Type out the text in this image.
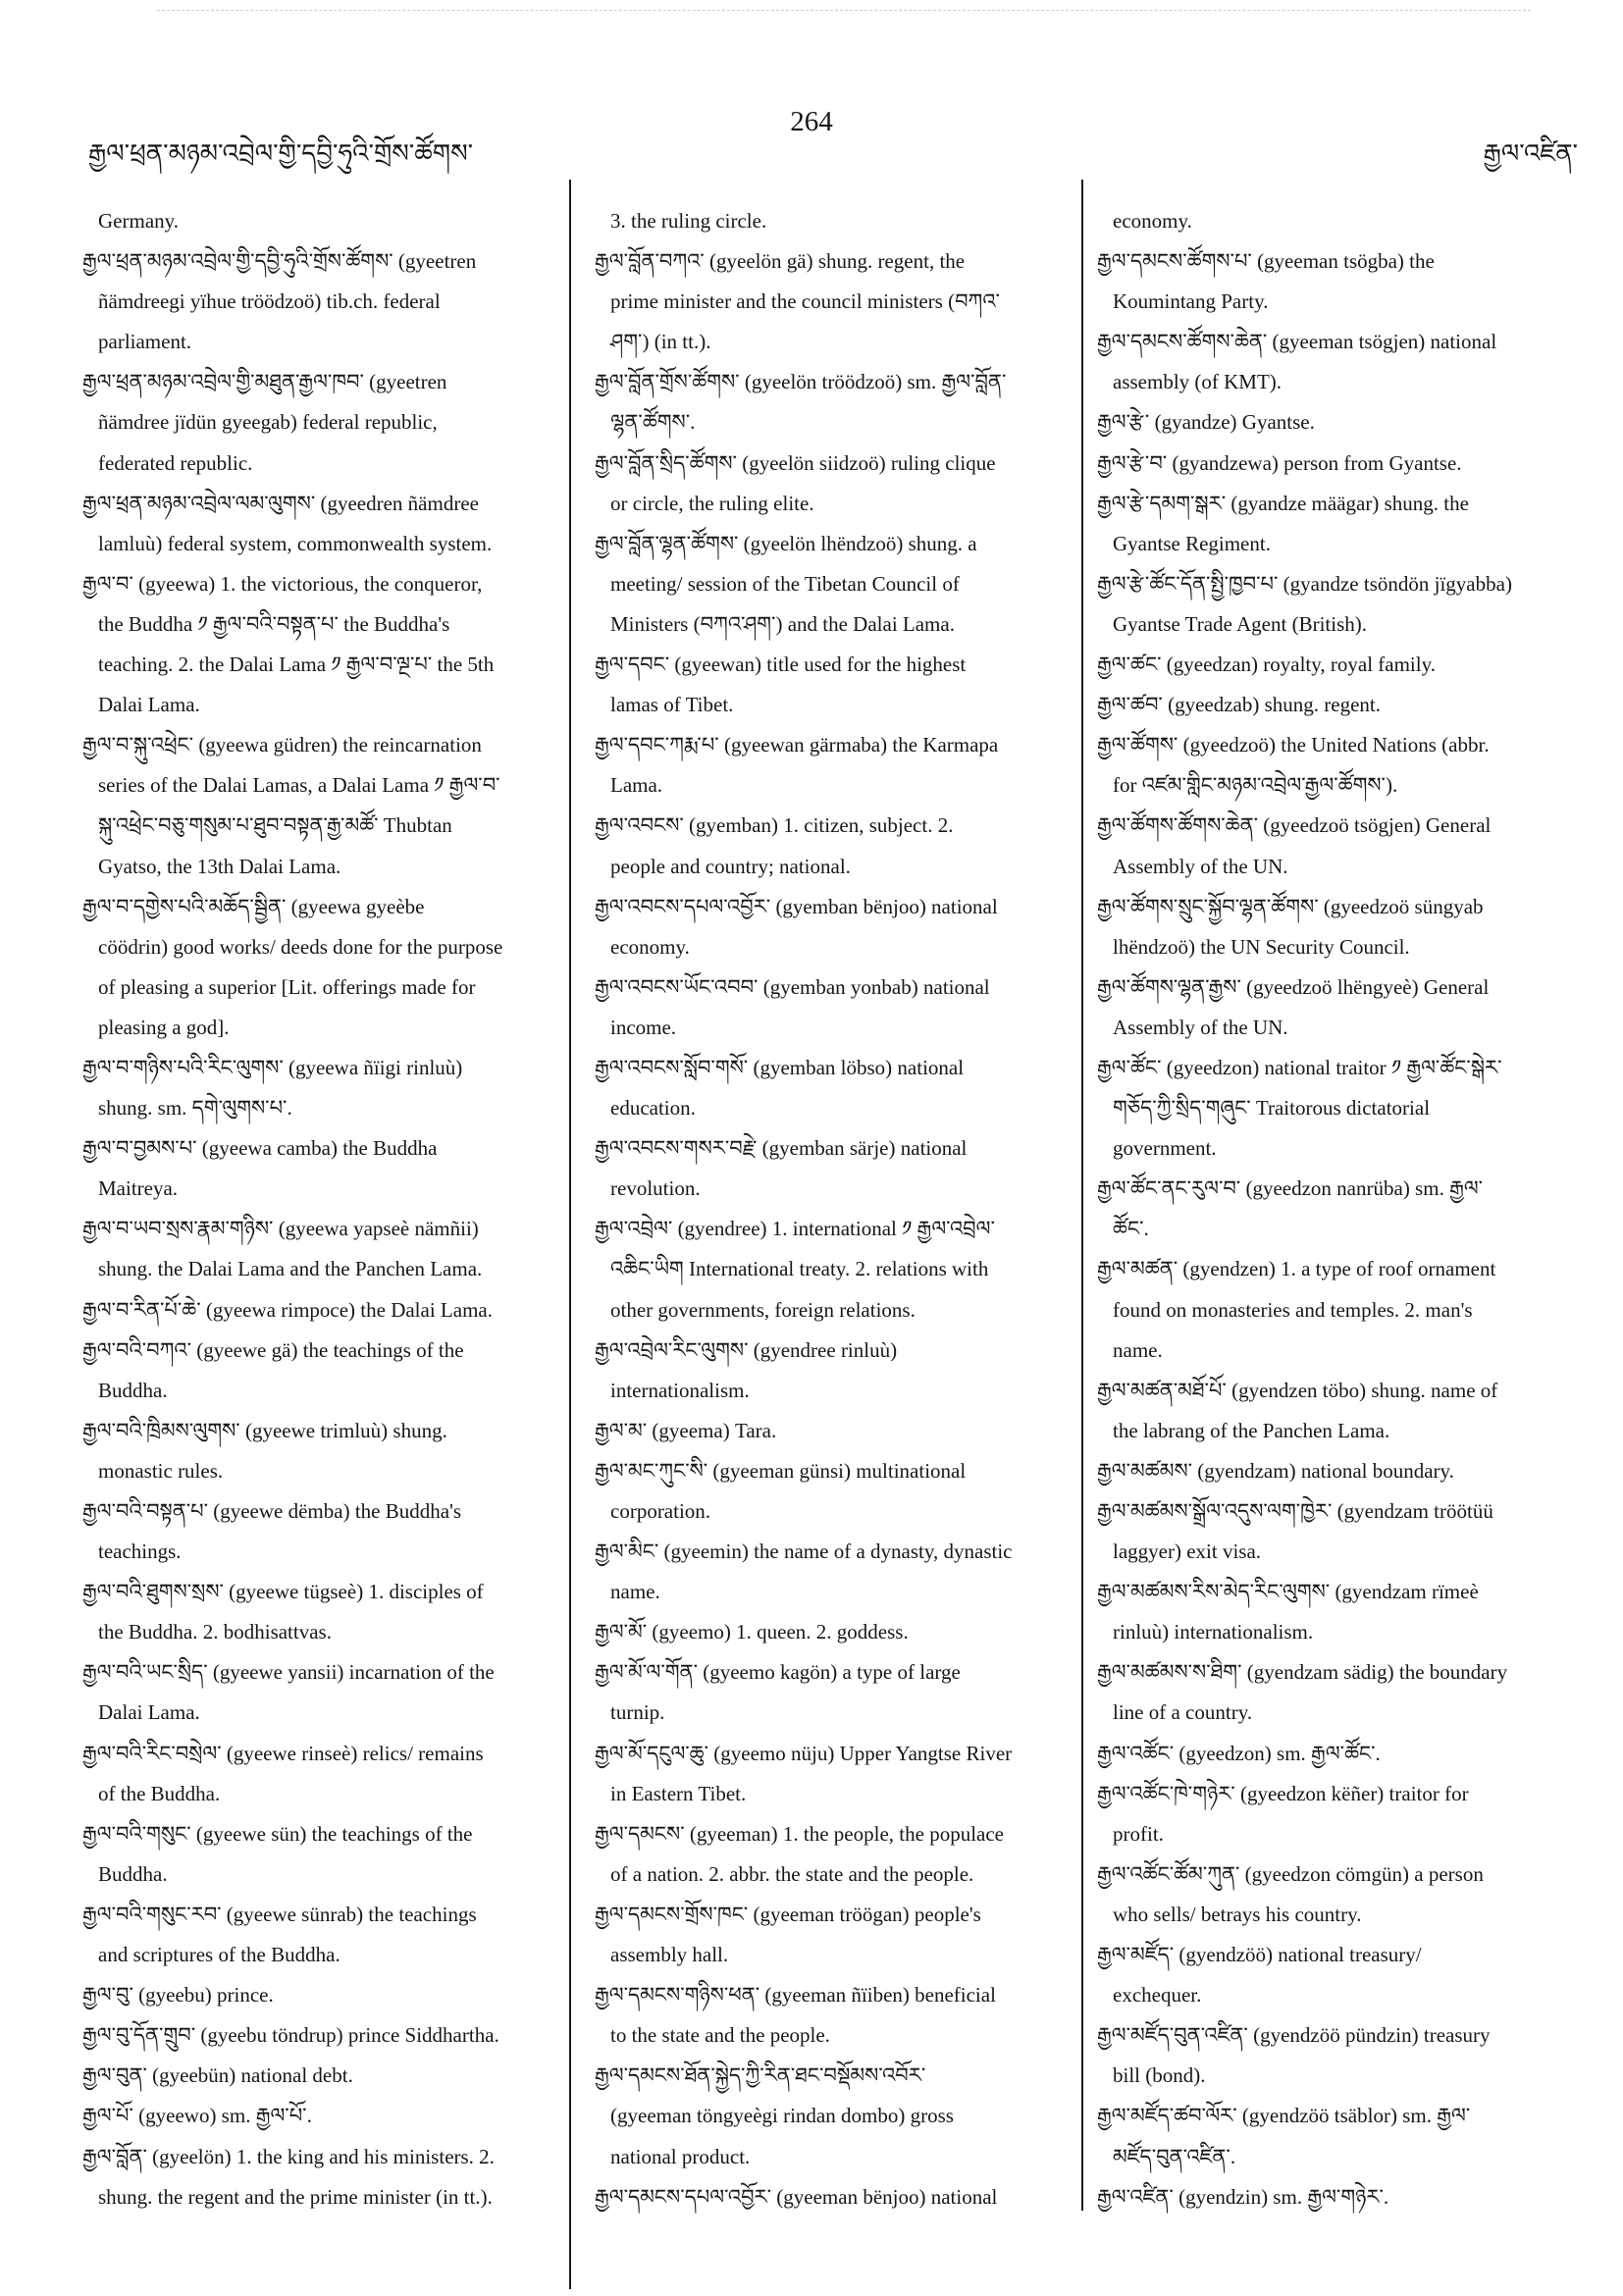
རྒྱལ་ཕྲན་མཉམ་འབྲེལ་གྱི་དབྱི་ཧུའི་གྲོས་ཚོགས་
264
རྒྱལ་འཛིན་
Germany.
རྒྱལ་ཕྲན་མཉམ་འབྲེལ་གྱི་དབྱི་ཧུའི་གྲོས་ཚོགས་ (gyeetren
ñämdreegi yïhue tröödzoö) tib.ch. federal
parliament.
རྒྱལ་ཕྲན་མཉམ་འབྲེལ་གྱི་མཐུན་རྒྱལ་ཁབ་ (gyeetren
ñämdree jïdün gyeegab) federal republic,
federated republic.
རྒྱལ་ཕྲན་མཉམ་འབྲེལ་ལམ་ལུགས་ (gyeedren ñämdree
lamluù) federal system, commonwealth system.
རྒྱལ་བ་ (gyeewa) 1. the victorious, the conqueror,
the Buddha ༡ རྒྱལ་བའི་བསྟན་པ་ the Buddha's
teaching. 2. the Dalai Lama ༡ རྒྱལ་བ་ལྔ་པ་ the 5th
Dalai Lama.
རྒྱལ་བ་སྐུ་འཕྲེང་ (gyeewa güdren) the reincarnation
series of the Dalai Lamas, a Dalai Lama ༡ རྒྱལ་བ་
སྐུ་འཕྲེང་བཅུ་གསུམ་པ་ཐུབ་བསྟན་རྒྱ་མཚོ་ Thubtan
Gyatso, the 13th Dalai Lama.
རྒྱལ་བ་དགྱེས་པའི་མཆོད་སྦྱིན་ (gyeewa gyeèbe
cöödrin) good works/ deeds done for the purpose
of pleasing a superior [Lit. offerings made for
pleasing a god].
རྒྱལ་བ་གཉིས་པའི་རིང་ལུགས་ (gyeewa ñïigi rinluù)
shung. sm. དགེ་ལུགས་པ་.
རྒྱལ་བ་བྱམས་པ་ (gyeewa camba) the Buddha
Maitreya.
རྒྱལ་བ་ཡབ་སྲས་རྣམ་གཉིས་ (gyeewa yapseè nämñii)
shung. the Dalai Lama and the Panchen Lama.
རྒྱལ་བ་རིན་པོ་ཆེ་ (gyeewa rimpoce) the Dalai Lama.
རྒྱལ་བའི་བཀའ་ (gyeewe gä) the teachings of the
Buddha.
རྒྱལ་བའི་ཁྲིམས་ལུགས་ (gyeewe trimluù) shung.
monastic rules.
རྒྱལ་བའི་བསྟན་པ་ (gyeewe dëmba) the Buddha's
teachings.
རྒྱལ་བའི་ཐུགས་སྲས་ (gyeewe tügseè) 1. disciples of
the Buddha. 2. bodhisattvas.
རྒྱལ་བའི་ཡང་སྲིད་ (gyeewe yansii) incarnation of the
Dalai Lama.
རྒྱལ་བའི་རིང་བསྲེལ་ (gyeewe rinseè) relics/ remains
of the Buddha.
རྒྱལ་བའི་གསུང་ (gyeewe sün) the teachings of the
Buddha.
རྒྱལ་བའི་གསུང་རབ་ (gyeewe sünrab) the teachings
and scriptures of the Buddha.
རྒྱལ་བུ་ (gyeebu) prince.
རྒྱལ་བུ་དོན་གྲུབ་ (gyeebu töndrup) prince Siddhartha.
རྒྱལ་བུན་ (gyeebün) national debt.
རྒྱལ་པོ་ (gyeewo) sm. རྒྱལ་པོ་.
རྒྱལ་བློན་ (gyeelön) 1. the king and his ministers. 2.
shung. the regent and the prime minister (in tt.).
3. the ruling circle.
རྒྱལ་བློན་བཀའ་ (gyeelön gä) shung. regent, the
prime minister and the council ministers (བཀའ་
ཤག་) (in tt.).
རྒྱལ་བློན་གྲོས་ཚོགས་ (gyeelön tröödzoö) sm. རྒྱལ་བློན་
ལྷན་ཚོགས་.
རྒྱལ་བློན་སྲིད་ཚོགས་ (gyeelön siidzoö) ruling clique
or circle, the ruling elite.
རྒྱལ་བློན་ལྷན་ཚོགས་ (gyeelön lhëndzoö) shung. a
meeting/ session of the Tibetan Council of
Ministers (བཀའ་ཤག་) and the Dalai Lama.
རྒྱལ་དབང་ (gyeewan) title used for the highest
lamas of Tibet.
རྒྱལ་དབང་ཀརྨ་པ་ (gyeewan gärmaba) the Karmapa
Lama.
རྒྱལ་འབངས་ (gyemban) 1. citizen, subject. 2.
people and country; national.
རྒྱལ་འབངས་དཔལ་འབྱོར་ (gyemban bënjoo) national
economy.
རྒྱལ་འབངས་ཡོང་འབབ་ (gyemban yonbab) national
income.
རྒྱལ་འབངས་སློབ་གསོ་ (gyemban löbso) national
education.
རྒྱལ་འབངས་གསར་བརྗེ་ (gyemban särje) national
revolution.
རྒྱལ་འབྲེལ་ (gyendree) 1. international ༡ རྒྱལ་འབྲེལ་
འཆིང་ཡིག International treaty. 2. relations with
other governments, foreign relations.
རྒྱལ་འབྲེལ་རིང་ལུགས་ (gyendree rinluù)
internationalism.
རྒྱལ་མ་ (gyeema) Tara.
རྒྱལ་མང་ཀུང་སི་ (gyeeman günsi) multinational
corporation.
རྒྱལ་མིང་ (gyeemin) the name of a dynasty, dynastic
name.
རྒྱལ་མོ་ (gyeemo) 1. queen. 2. goddess.
རྒྱལ་མོ་ལ་གོན་ (gyeemo kagön) a type of large
turnip.
རྒྱལ་མོ་དངུལ་ཆུ་ (gyeemo nüju) Upper Yangtse River
in Eastern Tibet.
རྒྱལ་དམངས་ (gyeeman) 1. the people, the populace
of a nation. 2. abbr. the state and the people.
རྒྱལ་དམངས་གྲོས་ཁང་ (gyeeman tröögan) people's
assembly hall.
རྒྱལ་དམངས་གཉིས་ཕན་ (gyeeman ñïiben) beneficial
to the state and the people.
རྒྱལ་དམངས་ཐོན་སྐྱེད་ཀྱི་རིན་ཐང་བསྡོམས་འབོར་
(gyeeman töngyeègi rindan dombo) gross
national product.
རྒྱལ་དམངས་དཔལ་འབྱོར་ (gyeeman bënjoo) national
economy.
རྒྱལ་དམངས་ཚོགས་པ་ (gyeeman tsögba) the
Koumintang Party.
རྒྱལ་དམངས་ཚོགས་ཆེན་ (gyeeman tsögjen) national
assembly (of KMT).
རྒྱལ་རྩེ་ (gyandze) Gyantse.
རྒྱལ་རྩེ་བ་ (gyandzewa) person from Gyantse.
རྒྱལ་རྩེ་དམག་སྒར་ (gyandze määgar) shung. the
Gyantse Regiment.
རྒྱལ་རྩེ་ཚོང་དོན་སྤྱི་ཁྱབ་པ་ (gyandze tsöndön jïgyabba)
Gyantse Trade Agent (British).
རྒྱལ་ཚང་ (gyeedzan) royalty, royal family.
རྒྱལ་ཚབ་ (gyeedzab) shung. regent.
རྒྱལ་ཚོགས་ (gyeedzoö) the United Nations (abbr.
for འཛམ་གླིང་མཉམ་འབྲེལ་རྒྱལ་ཚོགས་).
རྒྱལ་ཚོགས་ཚོགས་ཆེན་ (gyeedzoö tsögjen) General
Assembly of the UN.
རྒྱལ་ཚོགས་སྲུང་སྐྱོབ་ལྷན་ཚོགས་ (gyeedzoö süngyab
lhëndzoö) the UN Security Council.
རྒྱལ་ཚོགས་ལྷན་རྒྱས་ (gyeedzoö lhëngyeè) General
Assembly of the UN.
རྒྱལ་ཚོང་ (gyeedzon) national traitor ༡ རྒྱལ་ཚོང་སྒེར་
གཅོད་ཀྱི་སྲིད་གཞུང་ Traitorous dictatorial
government.
རྒྱལ་ཚོང་ནང་རུལ་བ་ (gyeedzon nanrüba) sm. རྒྱལ་
ཚོང་.
རྒྱལ་མཚན་ (gyendzen) 1. a type of roof ornament
found on monasteries and temples. 2. man's
name.
རྒྱལ་མཚན་མཐོ་པོ་ (gyendzen töbo) shung. name of
the labrang of the Panchen Lama.
རྒྱལ་མཚམས་ (gyendzam) national boundary.
རྒྱལ་མཚམས་སྒྲོལ་འདུས་ལག་ཁྱེར་ (gyendzam tröötüü
laggyer) exit visa.
རྒྱལ་མཚམས་རིས་མེད་རིང་ལུགས་ (gyendzam rïmeè
rinluù) internationalism.
རྒྱལ་མཚམས་ས་ཐིག་ (gyendzam sädig) the boundary
line of a country.
རྒྱལ་འཚོང་ (gyeedzon) sm. རྒྱལ་ཚོང་.
རྒྱལ་འཚོང་ཁེ་གཉེར་ (gyeedzon këñer) traitor for
profit.
རྒྱལ་འཚོང་ཚོམ་ཀུན་ (gyeedzon cömgün) a person
who sells/ betrays his country.
རྒྱལ་མཛོད་ (gyendzöö) national treasury/
exchequer.
རྒྱལ་མཛོད་བུན་འཛིན་ (gyendzöö pündzin) treasury
bill (bond).
རྒྱལ་མཛོད་ཚབ་ལོར་ (gyendzöö tsäblor) sm. རྒྱལ་
མཛོད་བུན་འཛིན་.
རྒྱལ་འཛིན་ (gyendzin) sm. རྒྱལ་གཉེར་.
